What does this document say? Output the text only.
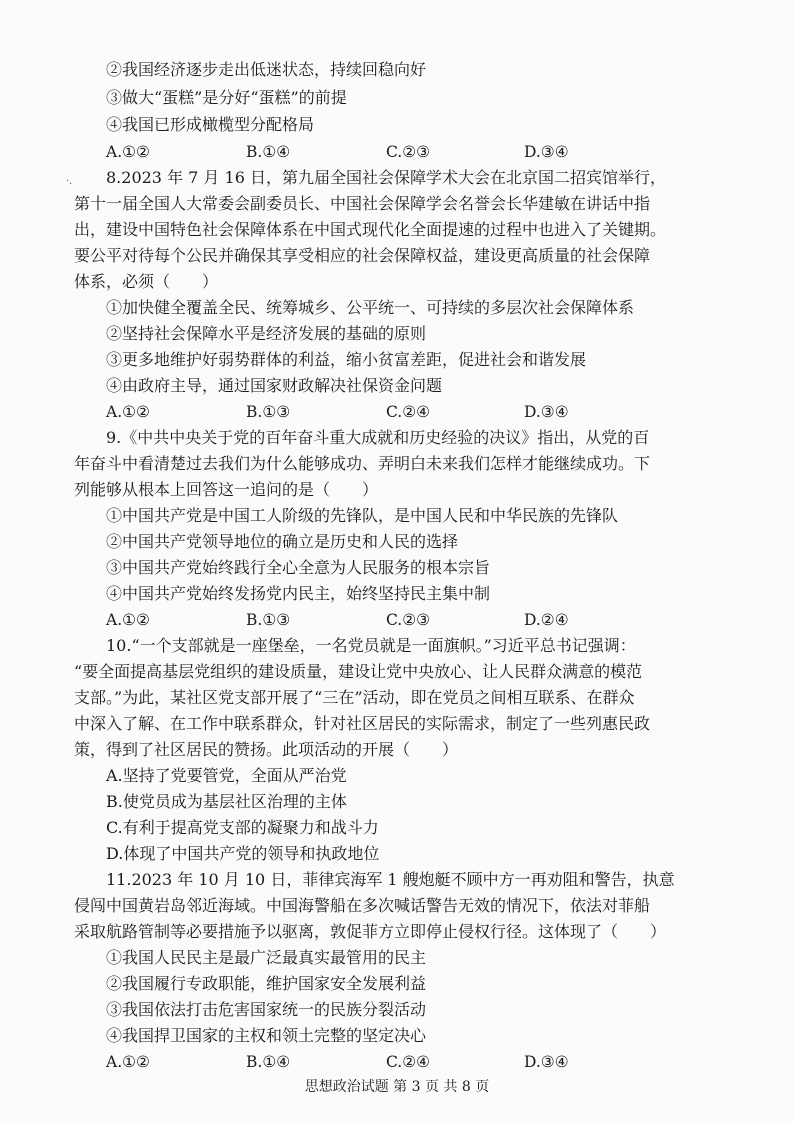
②我国经济逐步走出低迷状态，持续回稳向好
③做大“蛋糕”是分好“蛋糕”的前提
④我国已形成橄榄型分配格局
A.①②	B.①④	C.②③	D.③④
·. 8.2023 年 7 月 16 日，第九届全国社会保障学术大会在北京国二招宾馆举行，
第十一届全国人大常委会副委员长、中国社会保障学会名誉会长华建敏在讲话中指
出，建设中国特色社会保障体系在中国式现代化全面提速的过程中也进入了关键期。
要公平对待每个公民并确保其享受相应的社会保障权益，建设更高质量的社会保障
体系，必须（　　）
①加快健全覆盖全民、统筹城乡、公平统一、可持续的多层次社会保障体系
②坚持社会保障水平是经济发展的基础的原则
③更多地维护好弱势群体的利益，缩小贫富差距，促进社会和谐发展
④由政府主导，通过国家财政解决社保资金问题
A.①②	B.①③	C.②④	D.③④
9.《中共中央关于党的百年奋斗重大成就和历史经验的决议》指出，从党的百
年奋斗中看清楚过去我们为什么能够成功、弄明白未来我们怎样才能继续成功。下
列能够从根本上回答这一追问的是（　　）
①中国共产党是中国工人阶级的先锋队，是中国人民和中华民族的先锋队
②中国共产党领导地位的确立是历史和人民的选择
③中国共产党始终践行全心全意为人民服务的根本宗旨
④中国共产党始终发扬党内民主，始终坚持民主集中制
A.①②	B.①③	C.②③	D.②④
10.“一个支部就是一座堡垒，一名党员就是一面旗帜。”习近平总书记强调：
“要全面提高基层党组织的建设质量，建设让党中央放心、让人民群众满意的模范
支部。”为此，某社区党支部开展了“三在”活动，即在党员之间相互联系、在群众
中深入了解、在工作中联系群众，针对社区居民的实际需求，制定了一些列惠民政
策，得到了社区居民的赞扬。此项活动的开展（　　）
A.坚持了党要管党，全面从严治党
B.使党员成为基层社区治理的主体
C.有利于提高党支部的凝聚力和战斗力
D.体现了中国共产党的领导和执政地位
11.2023 年 10 月 10 日，菲律宾海军 1 艘炮艇不顾中方一再劝阻和警告，执意
侵闯中国黄岩岛邻近海域。中国海警船在多次喊话警告无效的情况下，依法对菲船
采取航路管制等必要措施予以驱离，敦促菲方立即停止侵权行径。这体现了（　　）
①我国人民民主是最广泛最真实最管用的民主
②我国履行专政职能，维护国家安全发展利益
③我国依法打击危害国家统一的民族分裂活动
④我国捍卫国家的主权和领土完整的坚定决心
A.①②	B.①④	C.②④	D.③④
思想政治试题 第 3 页 共 8 页
